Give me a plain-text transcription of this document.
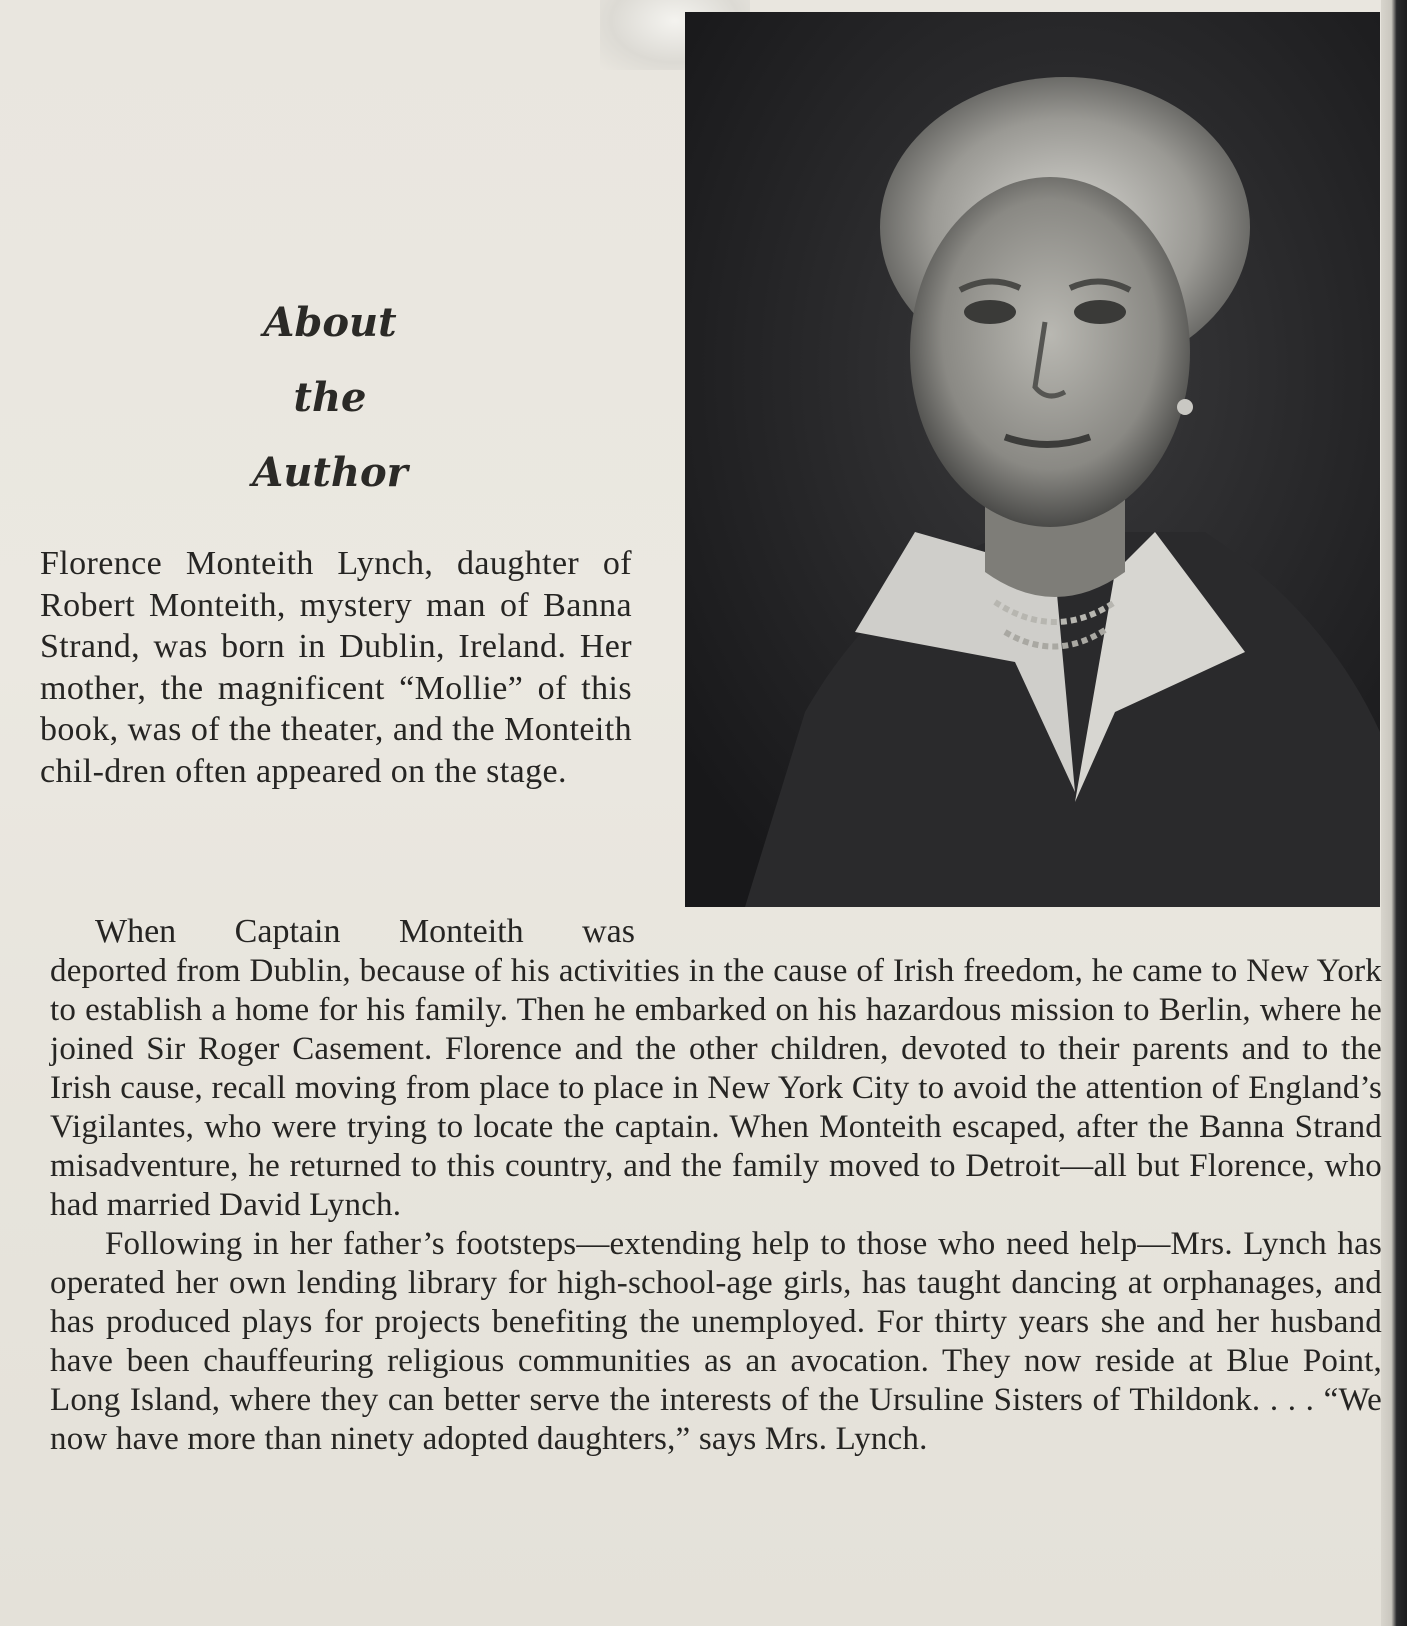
About
the
Author

Florence Monteith Lynch, daughter of Robert Monteith, mystery man of Banna Strand, was born in Dublin, Ireland. Her mother, the magnificent “Mollie” of this book, was of the theater, and the Monteith chil-dren often appeared on the stage.

When Captain Monteith was

deported from Dublin, because of his activities in the cause of Irish freedom, he came to New York to establish a home for his family. Then he embarked on his hazardous mission to Berlin, where he joined Sir Roger Casement. Florence and the other children, devoted to their parents and to the Irish cause, recall moving from place to place in New York City to avoid the attention of England’s Vigilantes, who were trying to locate the captain. When Monteith escaped, after the Banna Strand misadventure, he returned to this country, and the family moved to Detroit—all but Florence, who had married David Lynch.

Following in her father’s footsteps—extending help to those who need help—Mrs. Lynch has operated her own lending library for high-school-age girls, has taught dancing at orphanages, and has produced plays for projects benefiting the unemployed. For thirty years she and her husband have been chauffeuring religious communities as an avocation. They now reside at Blue Point, Long Island, where they can better serve the interests of the Ursuline Sisters of Thildonk. . . . “We now have more than ninety adopted daughters,” says Mrs. Lynch.
